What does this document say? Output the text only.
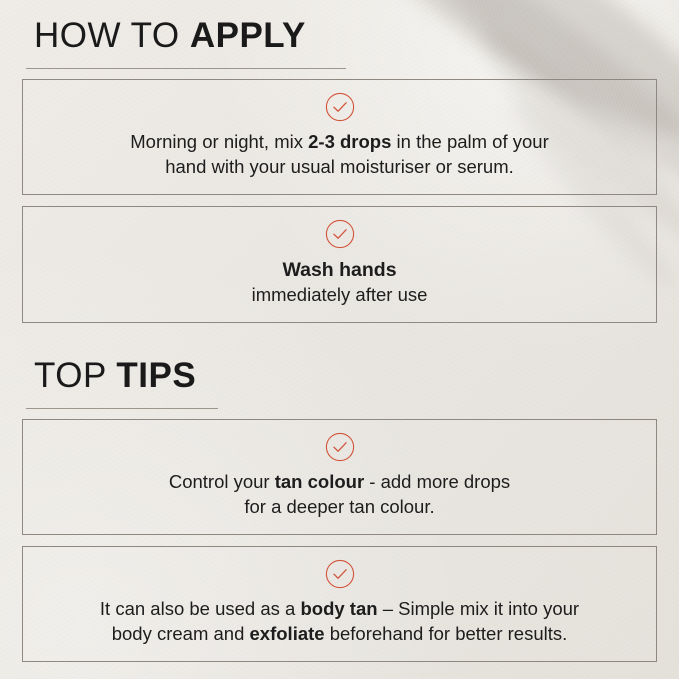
HOW TO APPLY

Morning or night, mix 2-3 drops in the palm of your

hand with your usual moisturiser or serum.

Wash hands

immediately after use

TOP TIPS

Control your tan colour - add more drops

for a deeper tan colour.

It can also be used as a body tan – Simple mix it into your

body cream and exfoliate beforehand for better results.
